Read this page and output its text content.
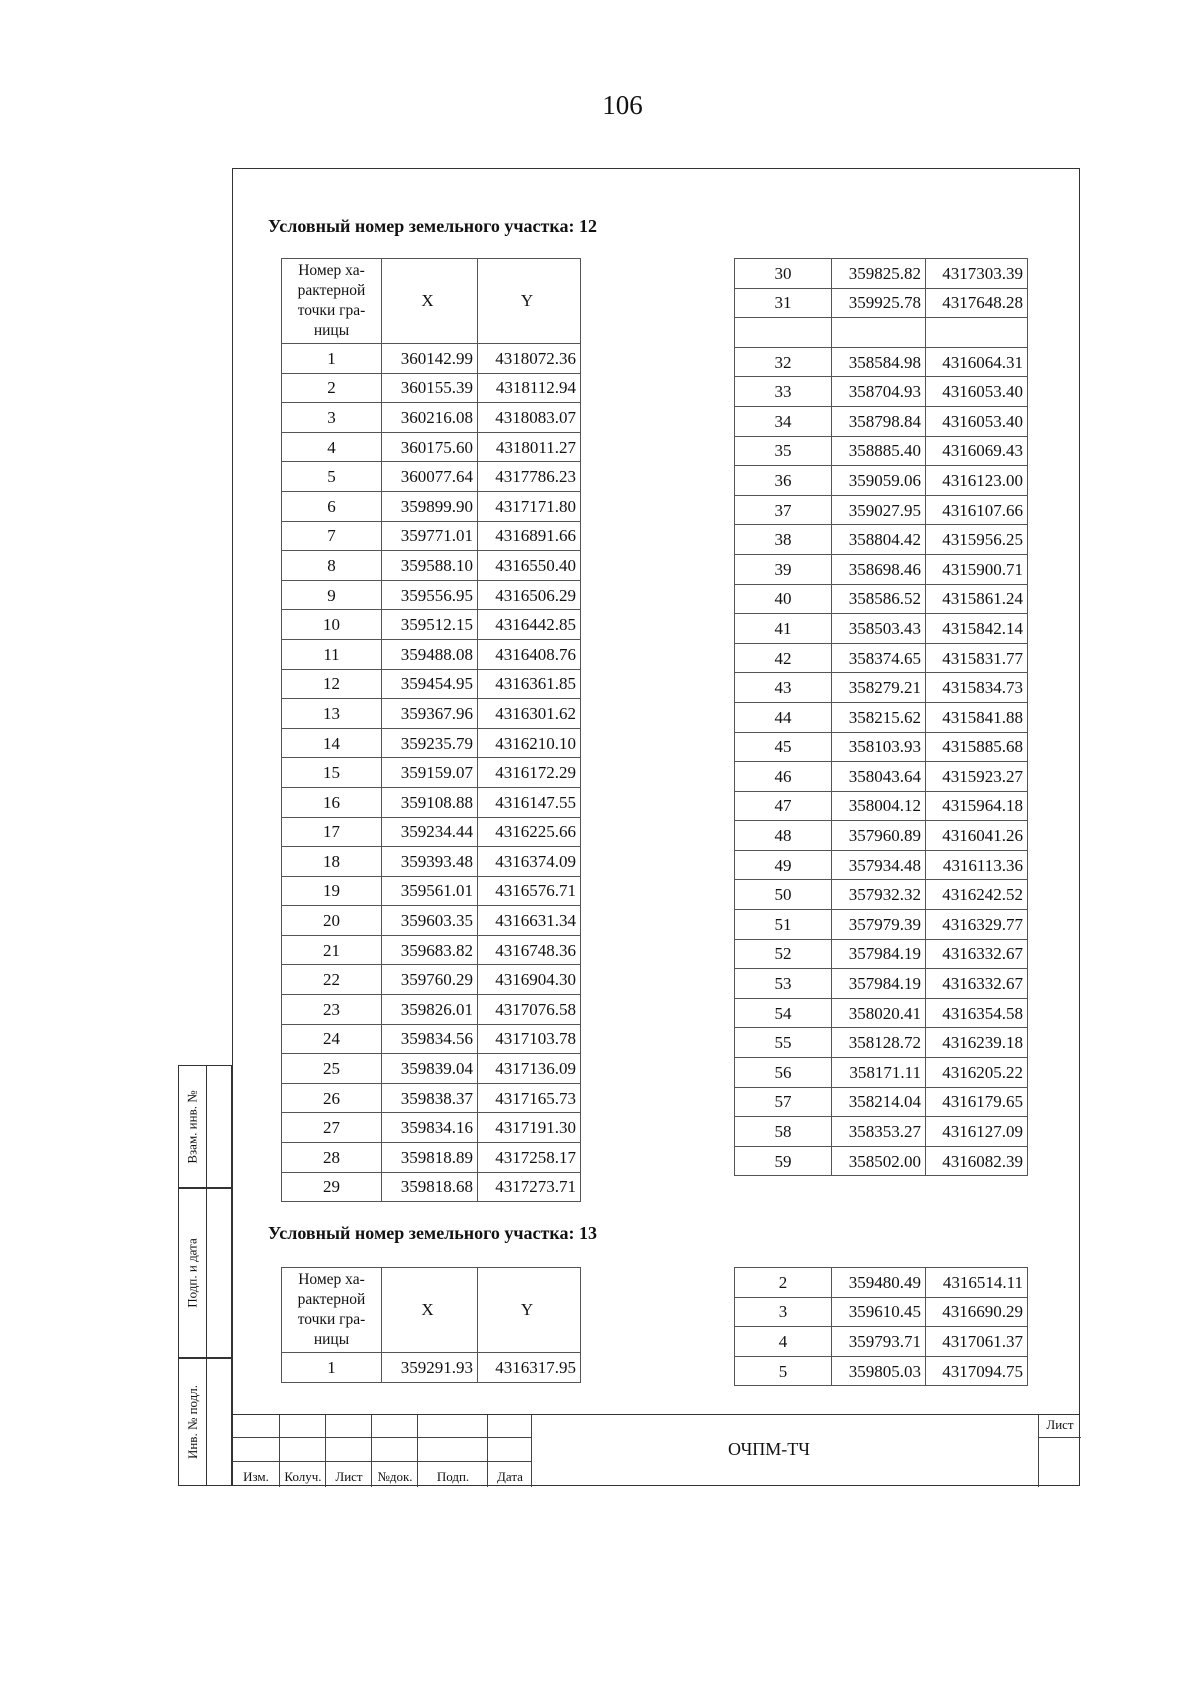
106
Условный номер земельного участка: 12
Номер ха-
рактерной
точки гра-
ницы	X	Y
1	360142.99	4318072.36
2	360155.39	4318112.94
3	360216.08	4318083.07
4	360175.60	4318011.27
5	360077.64	4317786.23
6	359899.90	4317171.80
7	359771.01	4316891.66
8	359588.10	4316550.40
9	359556.95	4316506.29
10	359512.15	4316442.85
11	359488.08	4316408.76
12	359454.95	4316361.85
13	359367.96	4316301.62
14	359235.79	4316210.10
15	359159.07	4316172.29
16	359108.88	4316147.55
17	359234.44	4316225.66
18	359393.48	4316374.09
19	359561.01	4316576.71
20	359603.35	4316631.34
21	359683.82	4316748.36
22	359760.29	4316904.30
23	359826.01	4317076.58
24	359834.56	4317103.78
25	359839.04	4317136.09
26	359838.37	4317165.73
27	359834.16	4317191.30
28	359818.89	4317258.17
29	359818.68	4317273.71
30	359825.82	4317303.39
31	359925.78	4317648.28

32	358584.98	4316064.31
33	358704.93	4316053.40
34	358798.84	4316053.40
35	358885.40	4316069.43
36	359059.06	4316123.00
37	359027.95	4316107.66
38	358804.42	4315956.25
39	358698.46	4315900.71
40	358586.52	4315861.24
41	358503.43	4315842.14
42	358374.65	4315831.77
43	358279.21	4315834.73
44	358215.62	4315841.88
45	358103.93	4315885.68
46	358043.64	4315923.27
47	358004.12	4315964.18
48	357960.89	4316041.26
49	357934.48	4316113.36
50	357932.32	4316242.52
51	357979.39	4316329.77
52	357984.19	4316332.67
53	357984.19	4316332.67
54	358020.41	4316354.58
55	358128.72	4316239.18
56	358171.11	4316205.22
57	358214.04	4316179.65
58	358353.27	4316127.09
59	358502.00	4316082.39
Условный номер земельного участка: 13
Номер ха-
рактерной
точки гра-
ницы	X	Y
1	359291.93	4316317.95
2	359480.49	4316514.11
3	359610.45	4316690.29
4	359793.71	4317061.37
5	359805.03	4317094.75
Взам. инв. №
Подп. и дата
Инв. № подл.
Изм.	Колуч.	Лист	№док.	Подп.	Дата
ОЧПМ-ТЧ
Лист
